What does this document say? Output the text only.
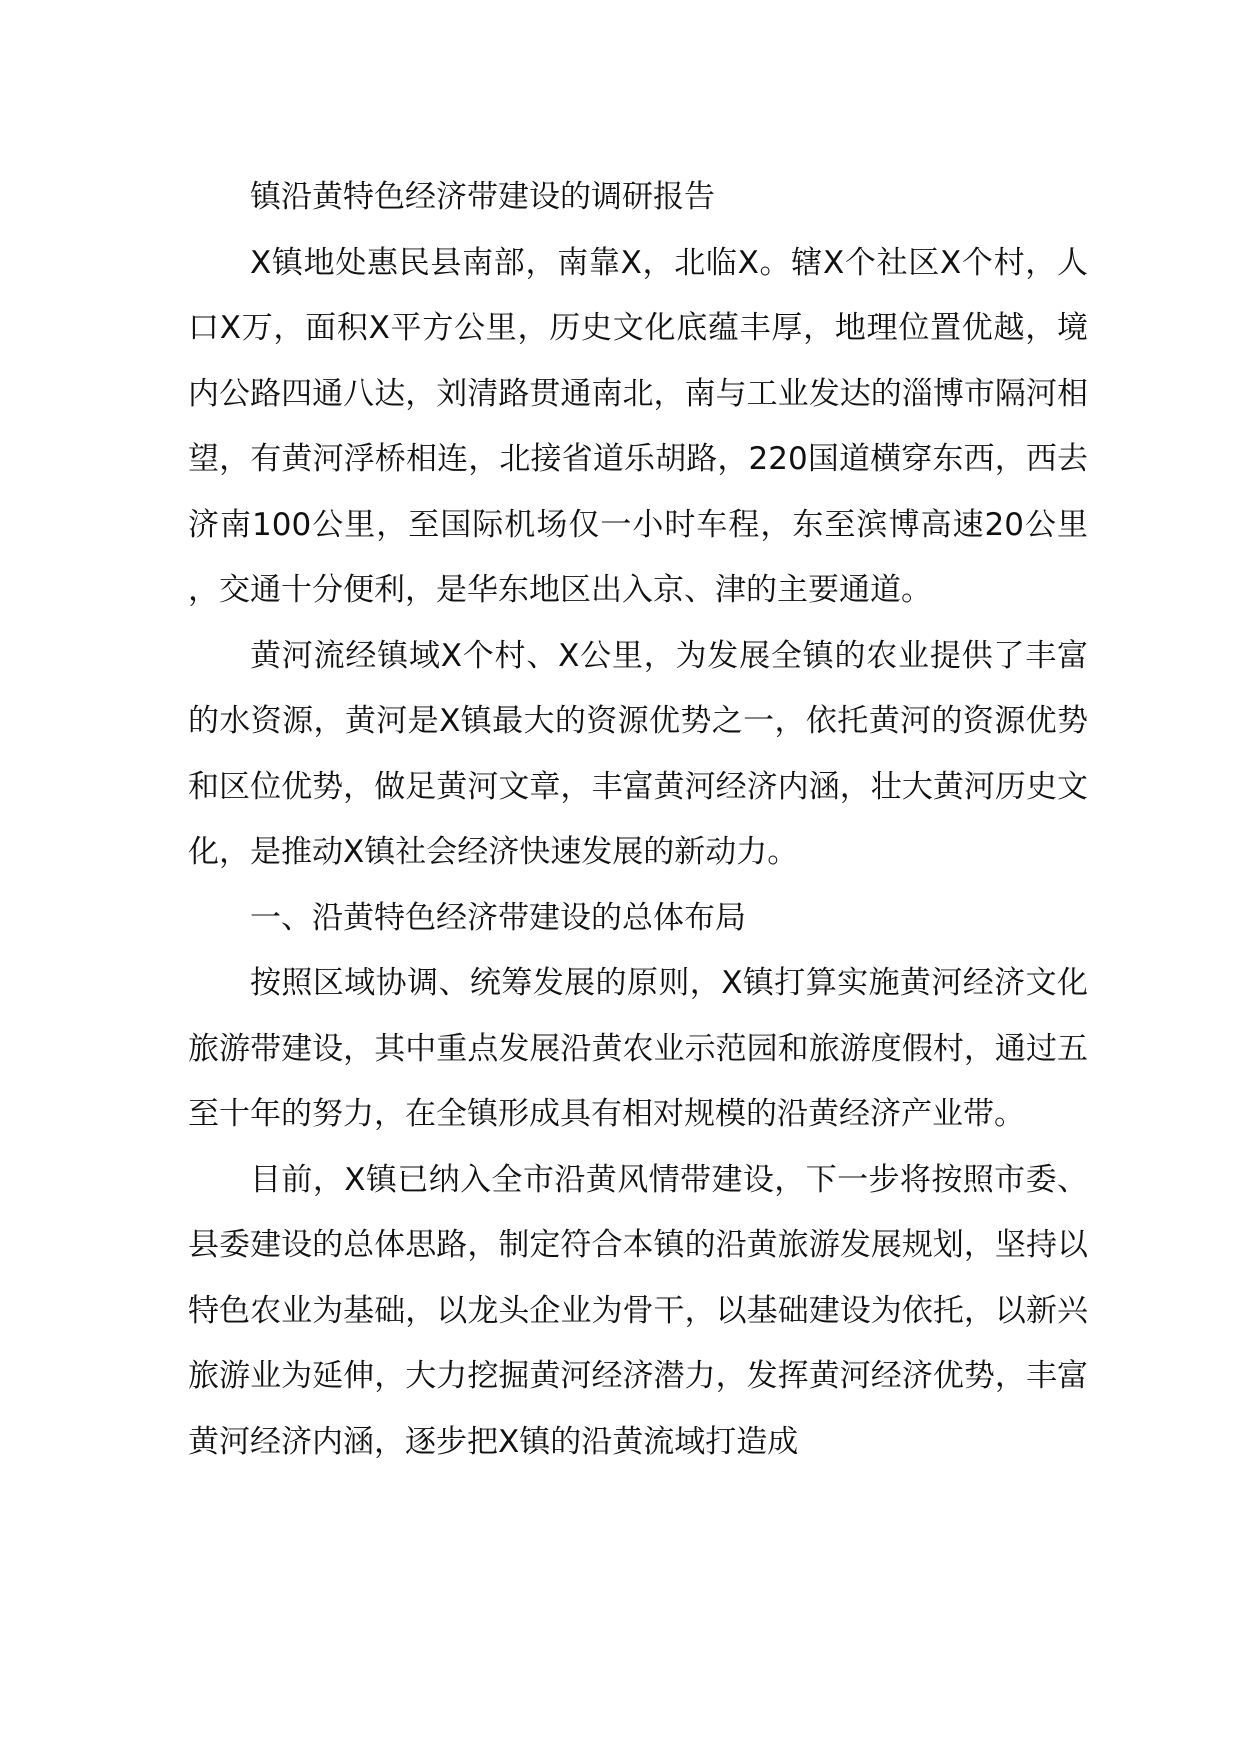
镇沿黄特色经济带建设的调研报告

X镇地处惠民县南部，南靠X，北临X。辖X个社区X个村，人口X万，面积X平方公里，历史文化底蕴丰厚，地理位置优越，境内公路四通八达，刘清路贯通南北，南与工业发达的淄博市隔河相望，有黄河浮桥相连，北接省道乐胡路，220国道横穿东西，西去济南100公里，至国际机场仅一小时车程，东至滨博高速20公里，交通十分便利，是华东地区出入京、津的主要通道。

黄河流经镇域X个村、X公里，为发展全镇的农业提供了丰富的水资源，黄河是X镇最大的资源优势之一，依托黄河的资源优势和区位优势，做足黄河文章，丰富黄河经济内涵，壮大黄河历史文化，是推动X镇社会经济快速发展的新动力。

一、沿黄特色经济带建设的总体布局

按照区域协调、统筹发展的原则，X镇打算实施黄河经济文化旅游带建设，其中重点发展沿黄农业示范园和旅游度假村，通过五至十年的努力，在全镇形成具有相对规模的沿黄经济产业带。

目前，X镇已纳入全市沿黄风情带建设，下一步将按照市委、县委建设的总体思路，制定符合本镇的沿黄旅游发展规划，坚持以特色农业为基础，以龙头企业为骨干，以基础建设为依托，以新兴旅游业为延伸，大力挖掘黄河经济潜力，发挥黄河经济优势，丰富黄河经济内涵，逐步把X镇的沿黄流域打造成
